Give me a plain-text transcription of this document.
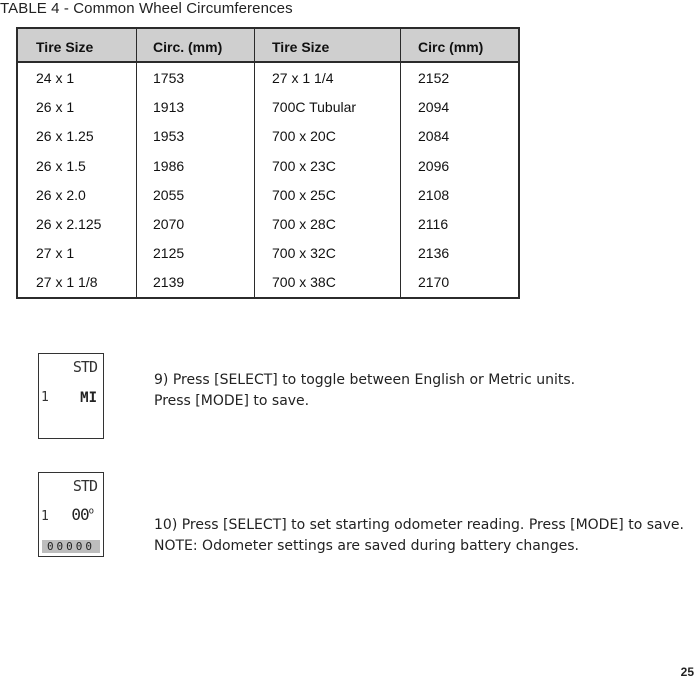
TABLE 4 - Common Wheel Circumferences
Tire Size	Circ. (mm)	Tire Size	Circ (mm)
24 x 1	1753	27 x 1 1/4	2152
26 x 1	1913	700C Tubular	2094
26 x 1.25	1953	700 x 20C	2084
26 x 1.5	1986	700 x 23C	2096
26 x 2.0	2055	700 x 25C	2108
26 x 2.125	2070	700 x 28C	2116
27 x 1	2125	700 x 32C	2136
27 x 1 1/8	2139	700 x 38C	2170
STD
1 MI
9) Press [SELECT] to toggle between English or Metric units.
Press [MODE] to save.
STD
1 00$^o$
00000
10) Press [SELECT] to set starting odometer reading. Press [MODE] to save.
NOTE: Odometer settings are saved during battery changes.
25
